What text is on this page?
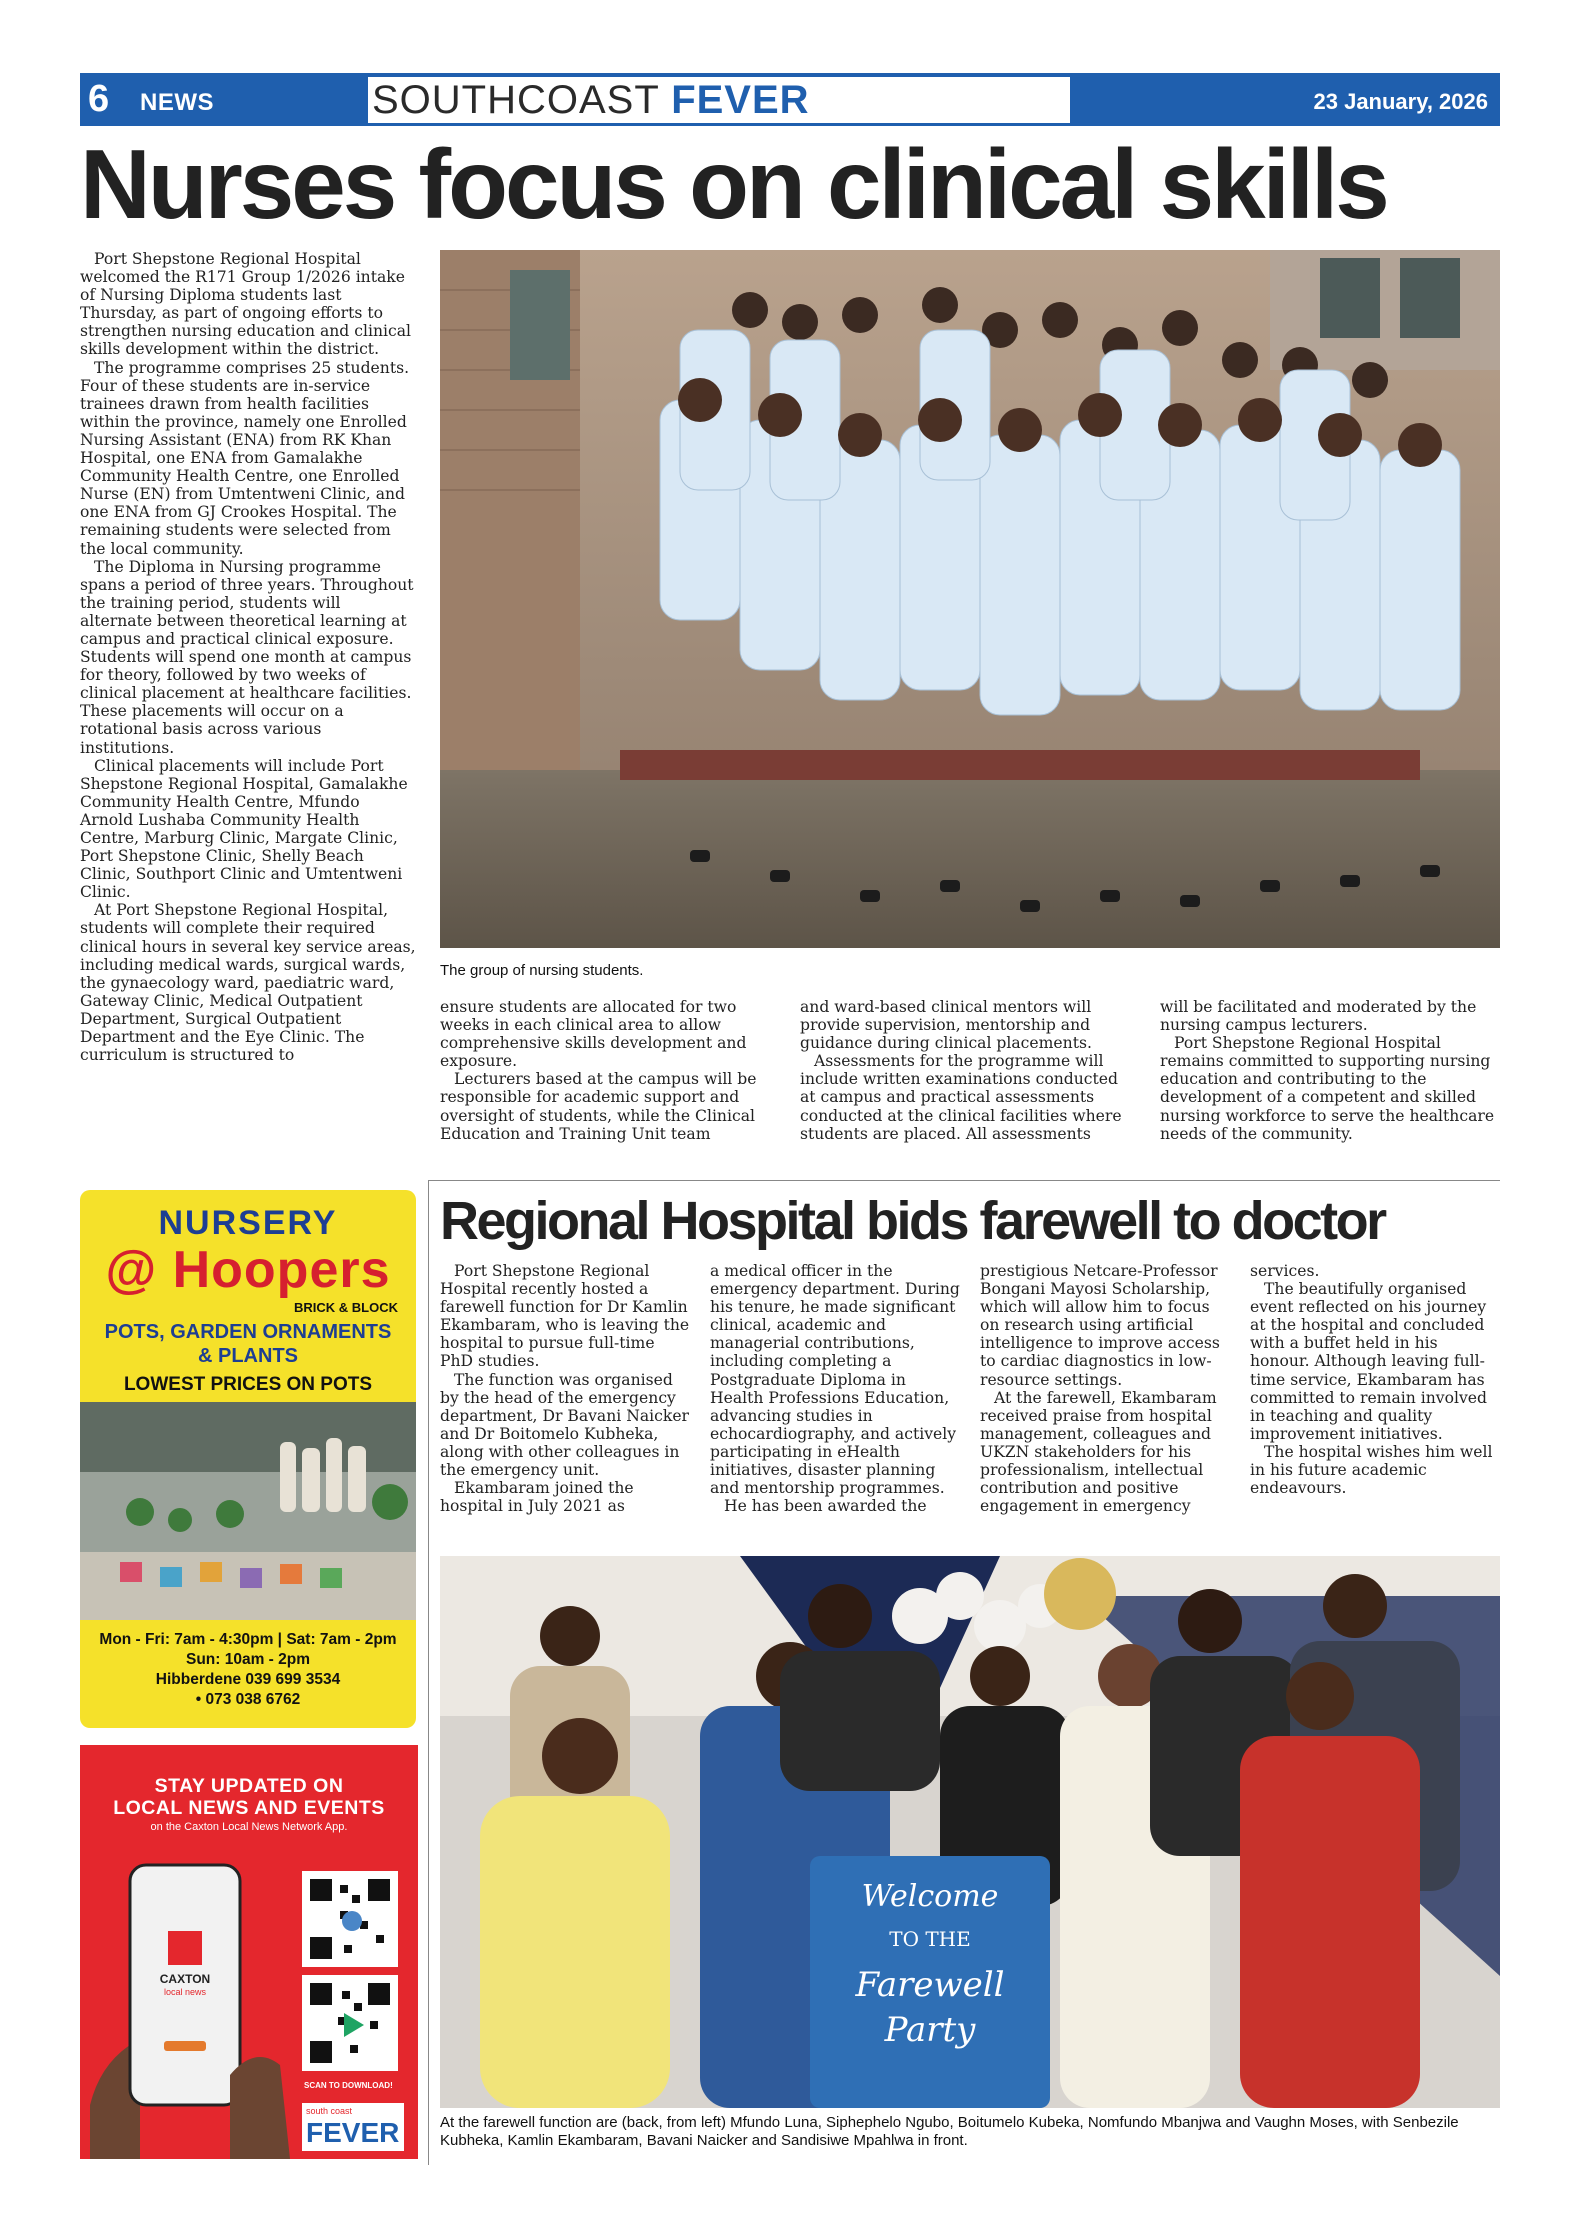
6 NEWS	SOUTHCOAST FEVER	23 January, 2026
Nurses focus on clinical skills

Port Shepstone Regional Hospital welcomed the R171 Group 1/2026 intake of Nursing Diploma students last Thursday, as part of ongoing efforts to strengthen nursing education and clinical skills development within the district.

The programme comprises 25 students. Four of these students are in-service trainees drawn from health facilities within the province, namely one Enrolled Nursing Assistant (ENA) from RK Khan Hospital, one ENA from Gamalakhe Community Health Centre, one Enrolled Nurse (EN) from Umtentweni Clinic, and one ENA from GJ Crookes Hospital. The remaining students were selected from the local community.

The Diploma in Nursing programme spans a period of three years. Throughout the training period, students will alternate between theoretical learning at campus and practical clinical exposure. Students will spend one month at campus for theory, followed by two weeks of clinical placement at healthcare facilities. These placements will occur on a rotational basis across various institutions.

Clinical placements will include Port Shepstone Regional Hospital, Gamalakhe Community Health Centre, Mfundo Arnold Lushaba Community Health Centre, Marburg Clinic, Margate Clinic, Port Shepstone Clinic, Shelly Beach Clinic, Southport Clinic and Umtentweni Clinic.

At Port Shepstone Regional Hospital, students will complete their required clinical hours in several key service areas, including medical wards, surgical wards, the gynaecology ward, paediatric ward, Gateway Clinic, Medical Outpatient Department, Surgical Outpatient Department and the Eye Clinic. The curriculum is structured to

The group of nursing students.

ensure students are allocated for two weeks in each clinical area to allow comprehensive skills development and exposure.

Lecturers based at the campus will be responsible for academic support and oversight of students, while the Clinical Education and Training Unit team

and ward-based clinical mentors will provide supervision, mentorship and guidance during clinical placements.

Assessments for the programme will include written examinations conducted at campus and practical assessments conducted at the clinical facilities where students are placed. All assessments

will be facilitated and moderated by the nursing campus lecturers.

Port Shepstone Regional Hospital remains committed to supporting nursing education and contributing to the development of a competent and skilled nursing workforce to serve the healthcare needs of the community.

NURSERY
@ Hoopers
BRICK & BLOCK
POTS, GARDEN ORNAMENTS
& PLANTS
LOWEST PRICES ON POTS
Mon - Fri: 7am - 4:30pm | Sat: 7am - 2pm
Sun: 10am - 2pm
Hibberdene 039 699 3534
• 073 038 6762
STAY UPDATED ON
LOCAL NEWS AND EVENTS
on the Caxton Local News Network App.
CAXTON
local news
SCAN TO DOWNLOAD!
south coast
FEVER
Regional Hospital bids farewell to doctor

Port Shepstone Regional Hospital recently hosted a farewell function for Dr Kamlin Ekambaram, who is leaving the hospital to pursue full-time PhD studies.

The function was organised by the head of the emergency department, Dr Bavani Naicker and Dr Boitomelo Kubheka, along with other colleagues in the emergency unit.

Ekambaram joined the hospital in July 2021 as

a medical officer in the emergency department. During his tenure, he made significant clinical, academic and managerial contributions, including completing a Postgraduate Diploma in Health Professions Education, advancing studies in echocardiography, and actively participating in eHealth initiatives, disaster planning and mentorship programmes.

He has been awarded the

prestigious Netcare-Professor Bongani Mayosi Scholarship, which will allow him to focus on research using artificial intelligence to improve access to cardiac diagnostics in low-resource settings.

At the farewell, Ekambaram received praise from hospital management, colleagues and UKZN stakeholders for his professionalism, intellectual contribution and positive engagement in emergency

services.

The beautifully organised event reflected on his journey at the hospital and concluded with a buffet held in his honour. Although leaving full-time service, Ekambaram has committed to remain involved in teaching and quality improvement initiatives.

The hospital wishes him well in his future academic endeavours.

Welcome
TO THE
Farewell
Party
At the farewell function are (back, from left) Mfundo Luna, Siphephelo Ngubo, Boitumelo Kubeka, Nomfundo Mbanjwa and Vaughn Moses, with Senbezile Kubheka, Kamlin Ekambaram, Bavani Naicker and Sandisiwe Mpahlwa in front.
